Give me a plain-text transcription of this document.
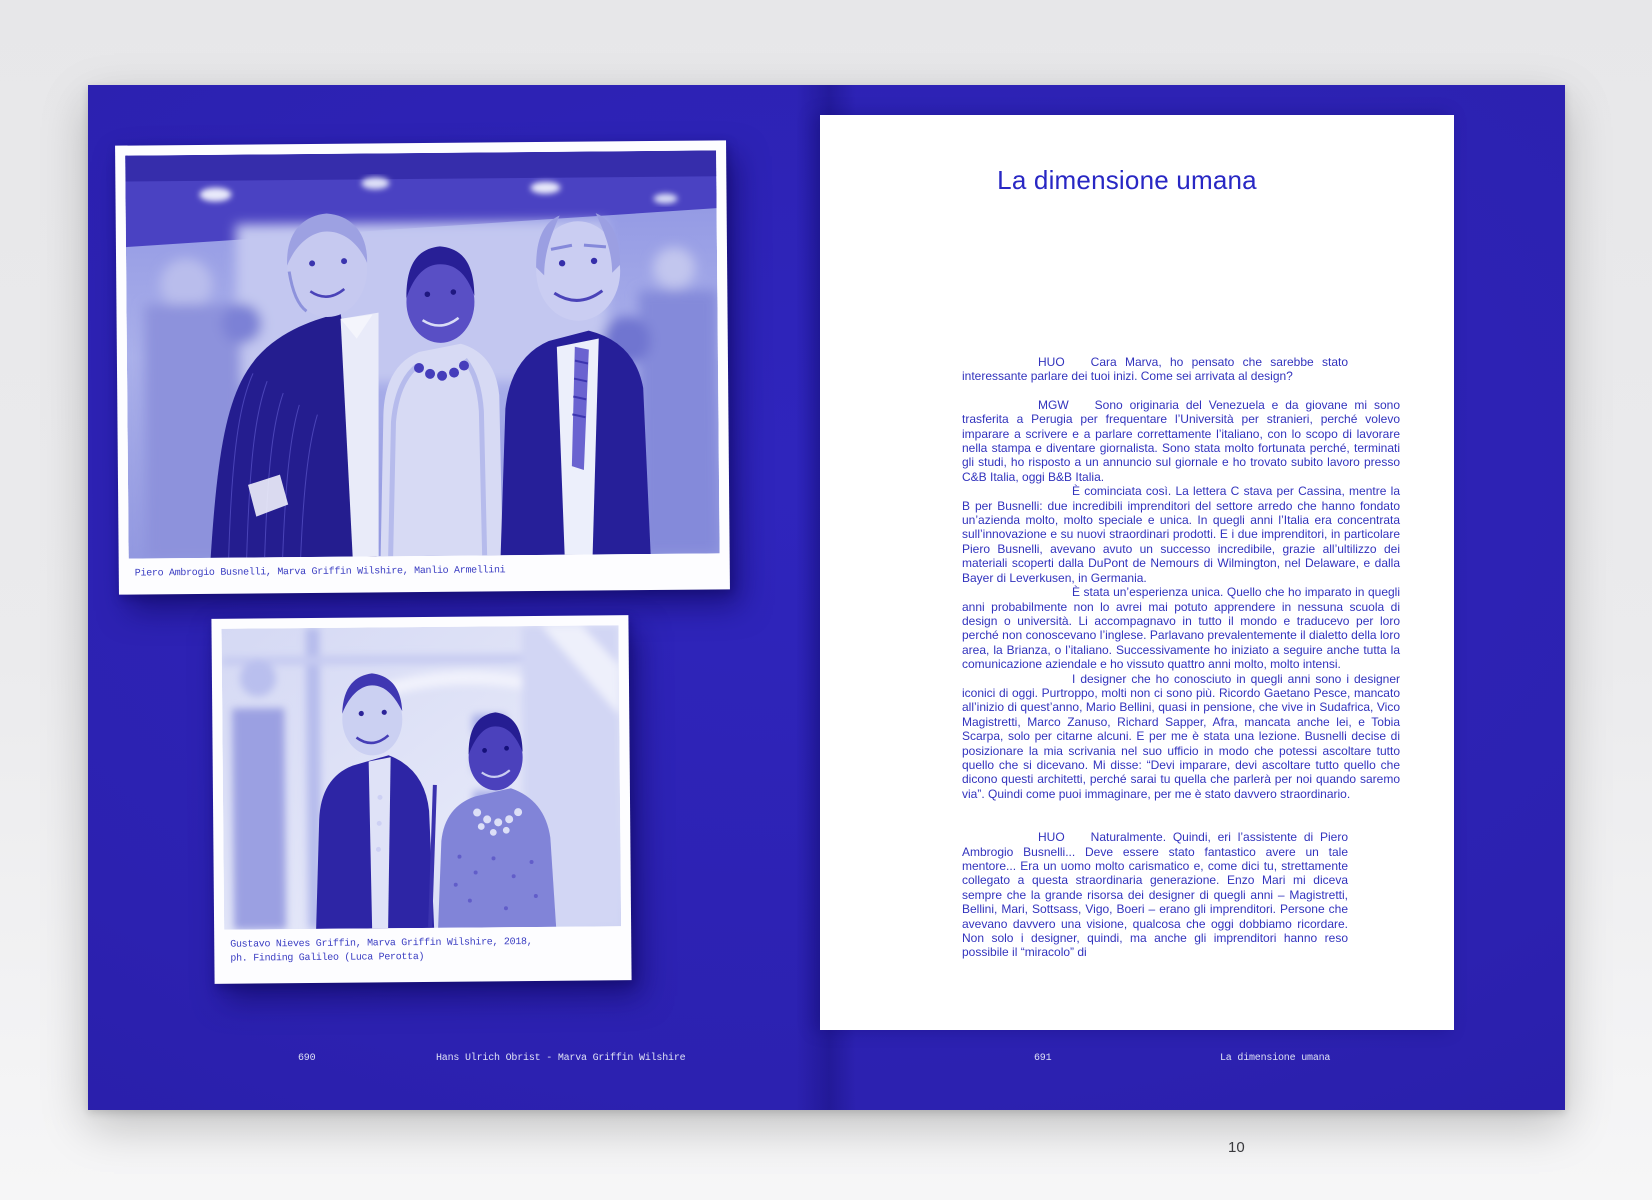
Piero Ambrogio Busnelli, Marva Griffin Wilshire, Manlio Armellini
Gustavo Nieves Griffin, Marva Griffin Wilshire, 2018,
ph. Finding Galileo (Luca Perotta)
690	Hans Ulrich Obrist - Marva Griffin Wilshire
La dimensione umana

HUO Cara Marva, ho pensato che sarebbe stato interessante parlare dei tuoi inizi. Come sei arrivata al design?

MGW Sono originaria del Venezuela e da giovane mi sono trasferita a Perugia per frequentare l’Università per stranieri, perché volevo imparare a scrivere e a parlare correttamente l’italiano, con lo scopo di lavorare nella stampa e diventare giornalista. Sono stata molto fortunata perché, terminati gli studi, ho risposto a un annuncio sul giornale e ho trovato subito lavoro presso C&B Italia, oggi B&B Italia.

È cominciata così. La lettera C stava per Cassina, mentre la B per Busnelli: due incredibili imprenditori del settore arredo che hanno fondato un’azienda molto, molto speciale e unica. In quegli anni l’Italia era concentrata sull’innovazione e su nuovi straordinari prodotti. E i due imprenditori, in particolare Piero Busnelli, avevano avuto un successo incredibile, grazie all’ultilizzo dei materiali scoperti dalla DuPont de Nemours di Wilmington, nel Delaware, e dalla Bayer di Leverkusen, in Germania.

È stata un’esperienza unica. Quello che ho imparato in quegli anni probabilmente non lo avrei mai potuto apprendere in nessuna scuola di design o università. Li accompagnavo in tutto il mondo e traducevo per loro perché non conoscevano l’inglese. Parlavano prevalentemente il dialetto della loro area, la Brianza, o l’italiano. Successivamente ho iniziato a seguire anche tutta la comunicazione aziendale e ho vissuto quattro anni molto, molto intensi.

I designer che ho conosciuto in quegli anni sono i designer iconici di oggi. Purtroppo, molti non ci sono più. Ricordo Gaetano Pesce, mancato all’inizio di quest’anno, Mario Bellini, quasi in pensione, che vive in Sudafrica, Vico Magistretti, Marco Zanuso, Richard Sapper, Afra, mancata anche lei, e Tobia Scarpa, solo per citarne alcuni. E per me è stata una lezione. Busnelli decise di posizionare la mia scrivania nel suo ufficio in modo che potessi ascoltare tutto quello che si dicevano. Mi disse: “Devi imparare, devi ascoltare tutto quello che dicono questi architetti, perché sarai tu quella che parlerà per noi quando saremo via”. Quindi come puoi immaginare, per me è stato davvero straordinario.

HUO Naturalmente. Quindi, eri l’assistente di Piero Ambrogio Busnelli... Deve essere stato fantastico avere un tale mentore... Era un uomo molto carismatico e, come dici tu, strettamente collegato a questa straordinaria generazione. Enzo Mari mi diceva sempre che la grande risorsa dei designer di quegli anni – Magistretti, Bellini, Mari, Sottsass, Vigo, Boeri – erano gli imprenditori. Persone che avevano davvero una visione, qualcosa che oggi dobbiamo ricordare. Non solo i designer, quindi, ma anche gli imprenditori hanno reso possibile il “miracolo” di

691	La dimensione umana
10
